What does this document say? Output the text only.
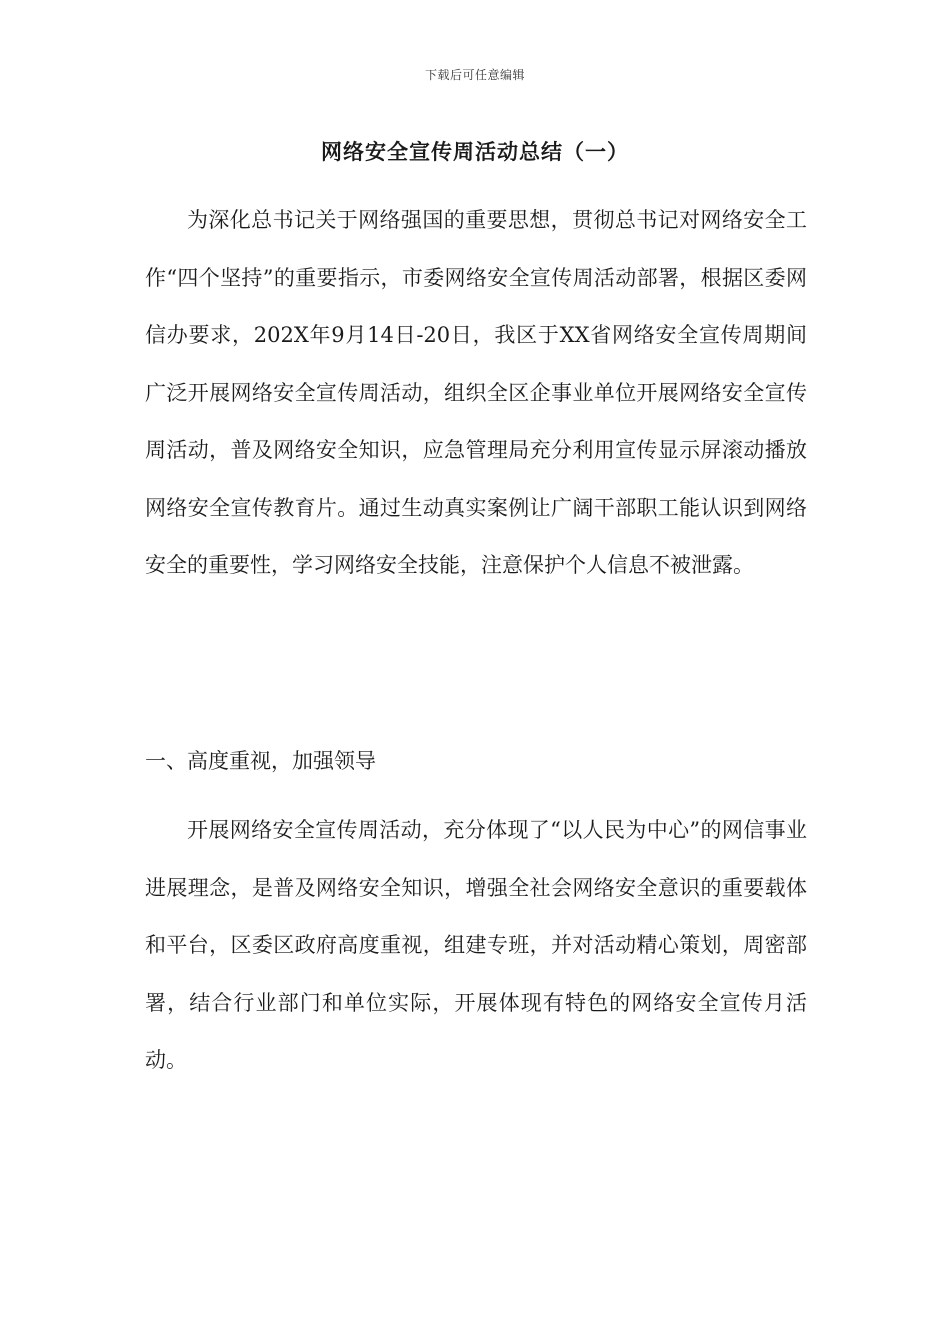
下载后可任意编辑
网络安全宣传周活动总结（一）

为深化总书记关于网络强国的重要思想，贯彻总书记对网络安全工作“四个坚持”的重要指示，市委网络安全宣传周活动部署，根据区委网信办要求，202X年9月14日-20日，我区于XX省网络安全宣传周期间广泛开展网络安全宣传周活动，组织全区企事业单位开展网络安全宣传周活动，普及网络安全知识，应急管理局充分利用宣传显示屏滚动播放网络安全宣传教育片。通过生动真实案例让广阔干部职工能认识到网络安全的重要性，学习网络安全技能，注意保护个人信息不被泄露。

一、高度重视，加强领导

开展网络安全宣传周活动，充分体现了“以人民为中心”的网信事业进展理念，是普及网络安全知识，增强全社会网络安全意识的重要载体和平台，区委区政府高度重视，组建专班，并对活动精心策划，周密部署，结合行业部门和单位实际，开展体现有特色的网络安全宣传月活动。
